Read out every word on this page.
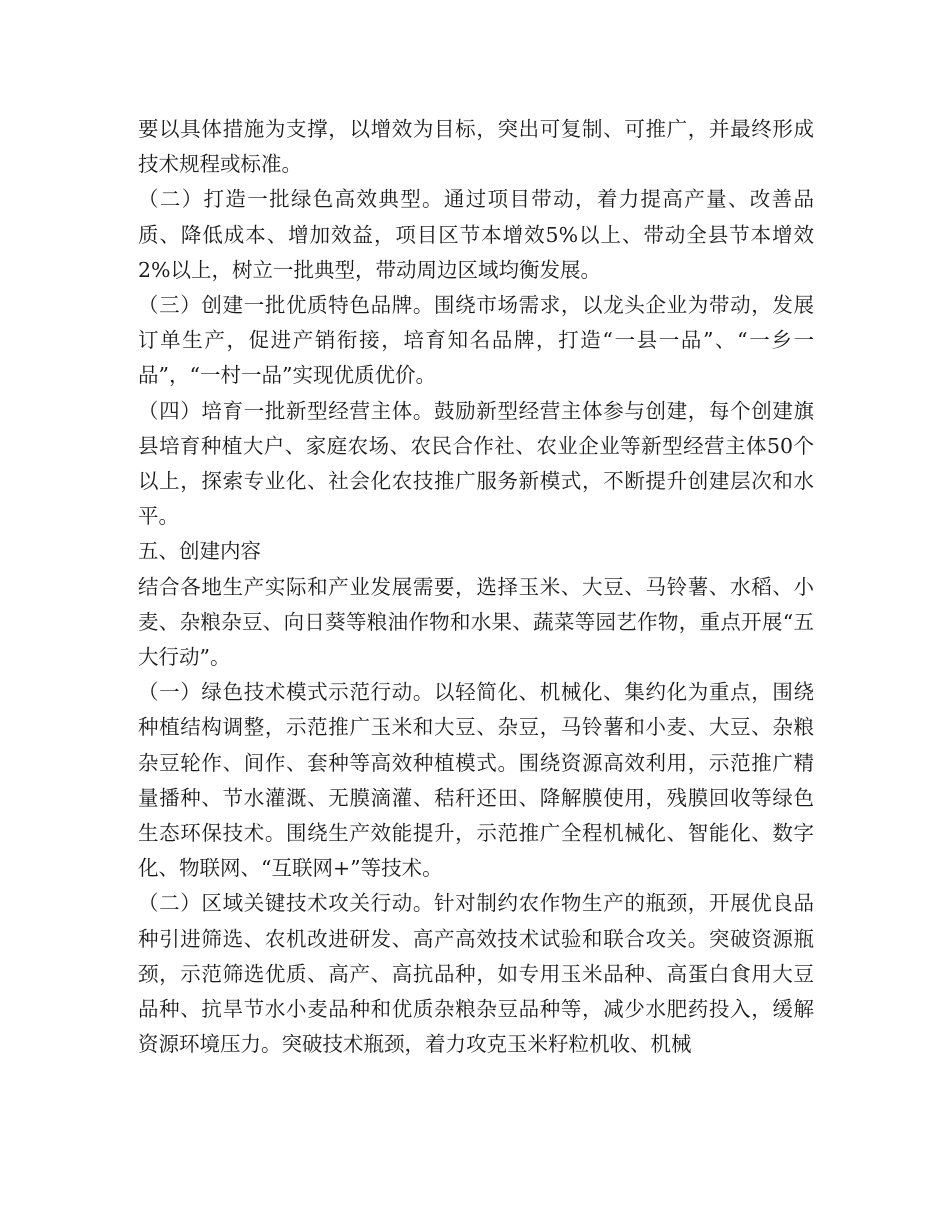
要以具体措施为支撑，以增效为目标，突出可复制、可推广，并最终形成技术规程或标准。

（二）打造一批绿色高效典型。通过项目带动，着力提高产量、改善品质、降低成本、增加效益，项目区节本增效5%以上、带动全县节本增效2%以上，树立一批典型，带动周边区域均衡发展。

（三）创建一批优质特色品牌。围绕市场需求，以龙头企业为带动，发展订单生产，促进产销衔接，培育知名品牌，打造“一县一品”、“一乡一品”，“一村一品”实现优质优价。

（四）培育一批新型经营主体。鼓励新型经营主体参与创建，每个创建旗县培育种植大户、家庭农场、农民合作社、农业企业等新型经营主体50个以上，探索专业化、社会化农技推广服务新模式，不断提升创建层次和水平。

五、创建内容

结合各地生产实际和产业发展需要，选择玉米、大豆、马铃薯、水稻、小麦、杂粮杂豆、向日葵等粮油作物和水果、蔬菜等园艺作物，重点开展“五大行动”。

（一）绿色技术模式示范行动。以轻简化、机械化、集约化为重点，围绕种植结构调整，示范推广玉米和大豆、杂豆，马铃薯和小麦、大豆、杂粮杂豆轮作、间作、套种等高效种植模式。围绕资源高效利用，示范推广精量播种、节水灌溉、无膜滴灌、秸秆还田、降解膜使用，残膜回收等绿色生态环保技术。围绕生产效能提升，示范推广全程机械化、智能化、数字化、物联网、“互联网+”等技术。

（二）区域关键技术攻关行动。针对制约农作物生产的瓶颈，开展优良品种引进筛选、农机改进研发、高产高效技术试验和联合攻关。突破资源瓶颈，示范筛选优质、高产、高抗品种，如专用玉米品种、高蛋白食用大豆品种、抗旱节水小麦品种和优质杂粮杂豆品种等，减少水肥药投入，缓解资源环境压力。突破技术瓶颈，着力攻克玉米籽粒机收、机械
